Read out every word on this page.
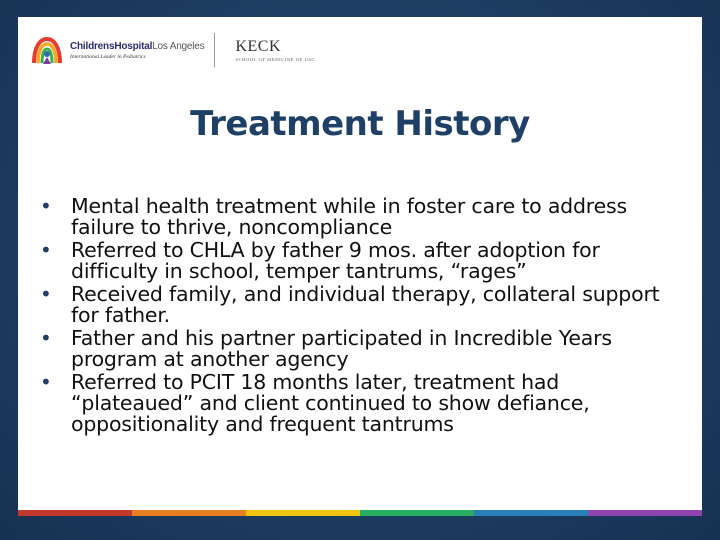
ChildrensHospitalLos Angeles
International Leader in Pediatrics
KECK
SCHOOL OF MEDICINE OF USC
Treatment History
• Mental health treatment while in foster care to address failure to thrive, noncompliance
• Referred to CHLA by father 9 mos. after adoption for difficulty in school, temper tantrums, “rages”
• Received family, and individual therapy, collateral support for father.
• Father and his partner participated in Incredible Years program at another agency
• Referred to PCIT 18 months later, treatment had “plateaued” and client continued to show defiance, oppositionality and frequent tantrums
